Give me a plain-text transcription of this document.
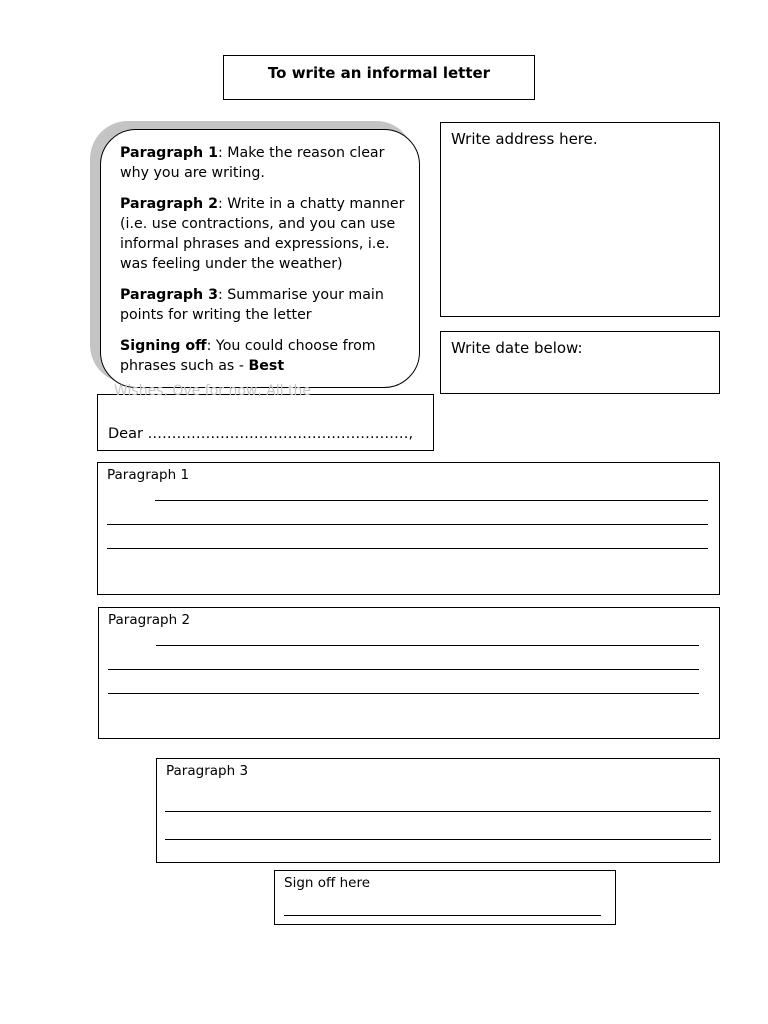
To write an informal letter

Paragraph 1: Make the reason clear why you are writing.

Paragraph 2: Write in a chatty manner (i.e. use contractions, and you can use informal phrases and expressions, i.e. was feeling under the weather)

Paragraph 3: Summarise your main points for writing the letter

Signing off: You could choose from phrases such as - Best

Write address here.
Write date below:
Wishes, Ove for now, All the
Dear ………………………………………………,
Paragraph 1
Paragraph 2
Paragraph 3
Sign off here
